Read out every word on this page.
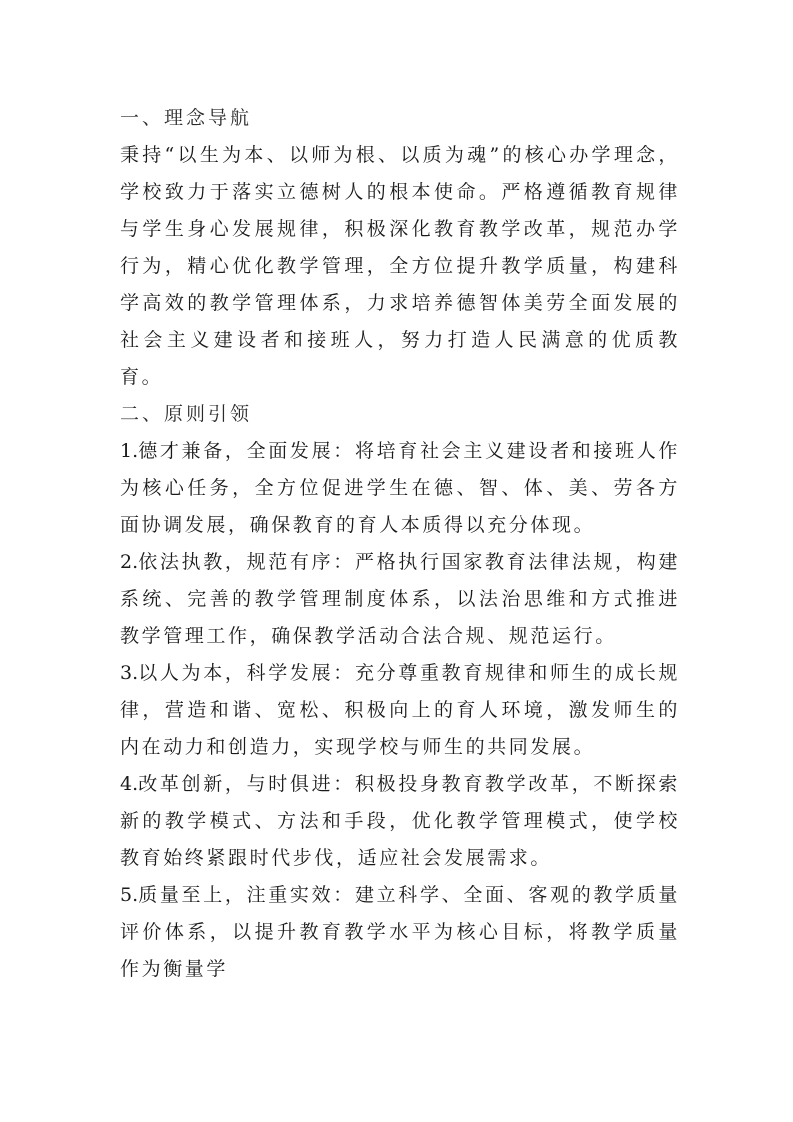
一、理念导航

秉持“以生为本、以师为根、以质为魂”的核心办学理念，学校致力于落实立德树人的根本使命。严格遵循教育规律与学生身心发展规律，积极深化教育教学改革，规范办学行为，精心优化教学管理，全方位提升教学质量，构建科学高效的教学管理体系，力求培养德智体美劳全面发展的社会主义建设者和接班人，努力打造人民满意的优质教育。

二、原则引领

1.德才兼备，全面发展：将培育社会主义建设者和接班人作为核心任务，全方位促进学生在德、智、体、美、劳各方面协调发展，确保教育的育人本质得以充分体现。

2.依法执教，规范有序：严格执行国家教育法律法规，构建系统、完善的教学管理制度体系，以法治思维和方式推进教学管理工作，确保教学活动合法合规、规范运行。

3.以人为本，科学发展：充分尊重教育规律和师生的成长规律，营造和谐、宽松、积极向上的育人环境，激发师生的内在动力和创造力，实现学校与师生的共同发展。

4.改革创新，与时俱进：积极投身教育教学改革，不断探索新的教学模式、方法和手段，优化教学管理模式，使学校教育始终紧跟时代步伐，适应社会发展需求。

5.质量至上，注重实效：建立科学、全面、客观的教学质量评价体系，以提升教育教学水平为核心目标，将教学质量作为衡量学
